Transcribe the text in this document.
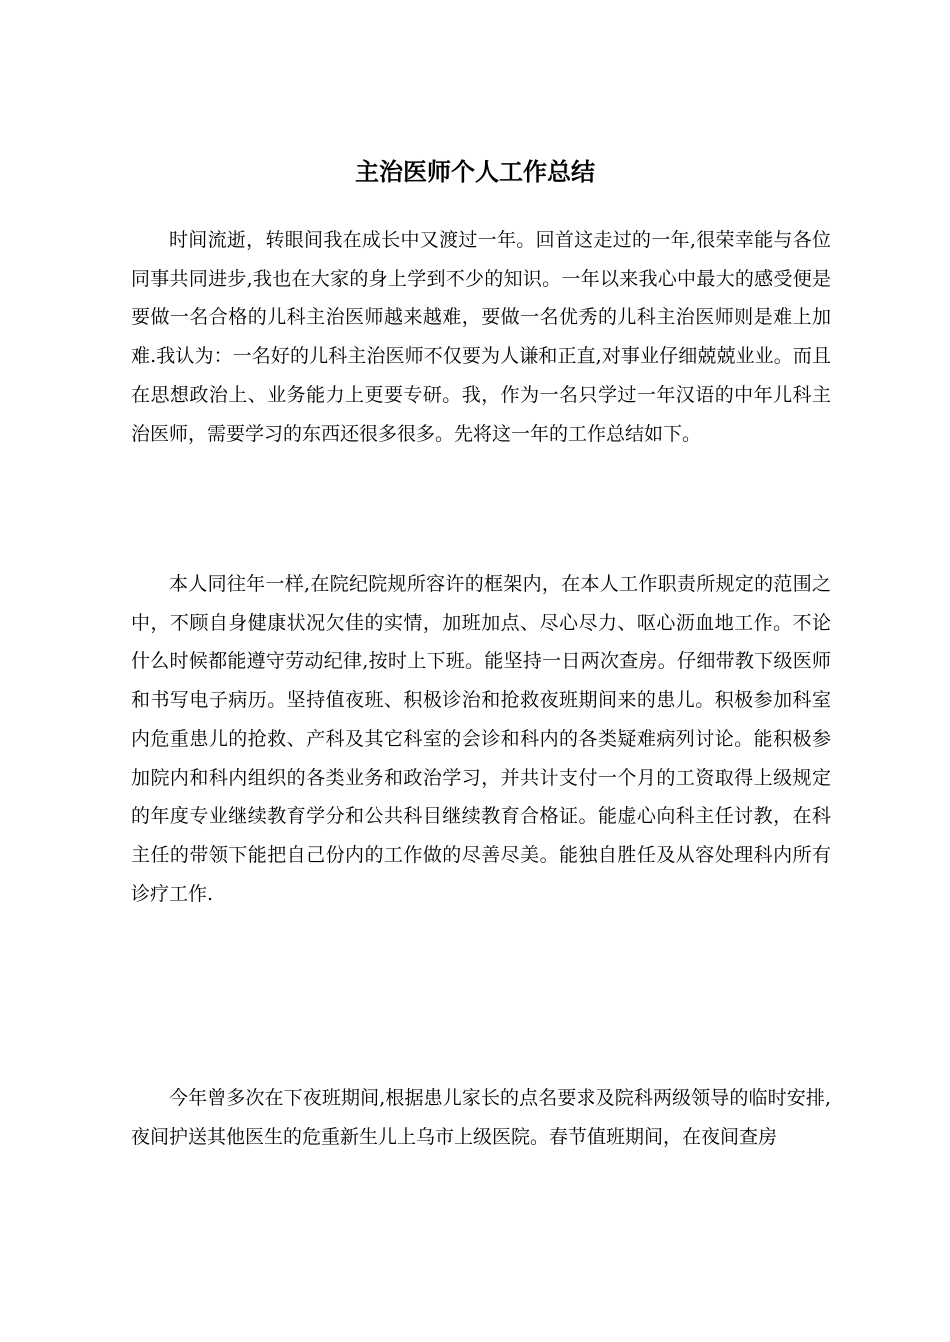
主治医师个人工作总结

时间流逝，转眼间我在成长中又渡过一年。回首这走过的一年,很荣幸能与各位同事共同进步,我也在大家的身上学到不少的知识。一年以来我心中最大的感受便是要做一名合格的儿科主治医师越来越难，要做一名优秀的儿科主治医师则是难上加难.我认为：一名好的儿科主治医师不仅要为人谦和正直,对事业仔细兢兢业业。而且在思想政治上、业务能力上更要专研。我，作为一名只学过一年汉语的中年儿科主治医师，需要学习的东西还很多很多。先将这一年的工作总结如下。

本人同往年一样,在院纪院规所容许的框架内，在本人工作职责所规定的范围之中，不顾自身健康状况欠佳的实情，加班加点、尽心尽力、呕心沥血地工作。不论什么时候都能遵守劳动纪律,按时上下班。能坚持一日两次查房。仔细带教下级医师和书写电子病历。坚持值夜班、积极诊治和抢救夜班期间来的患儿。积极参加科室内危重患儿的抢救、产科及其它科室的会诊和科内的各类疑难病列讨论。能积极参加院内和科内组织的各类业务和政治学习，并共计支付一个月的工资取得上级规定的年度专业继续教育学分和公共科目继续教育合格证。能虚心向科主任讨教，在科主任的带领下能把自己份内的工作做的尽善尽美。能独自胜任及从容处理科内所有诊疗工作.

今年曾多次在下夜班期间,根据患儿家长的点名要求及院科两级领导的临时安排,夜间护送其他医生的危重新生儿上乌市上级医院。春节值班期间，在夜间查房
